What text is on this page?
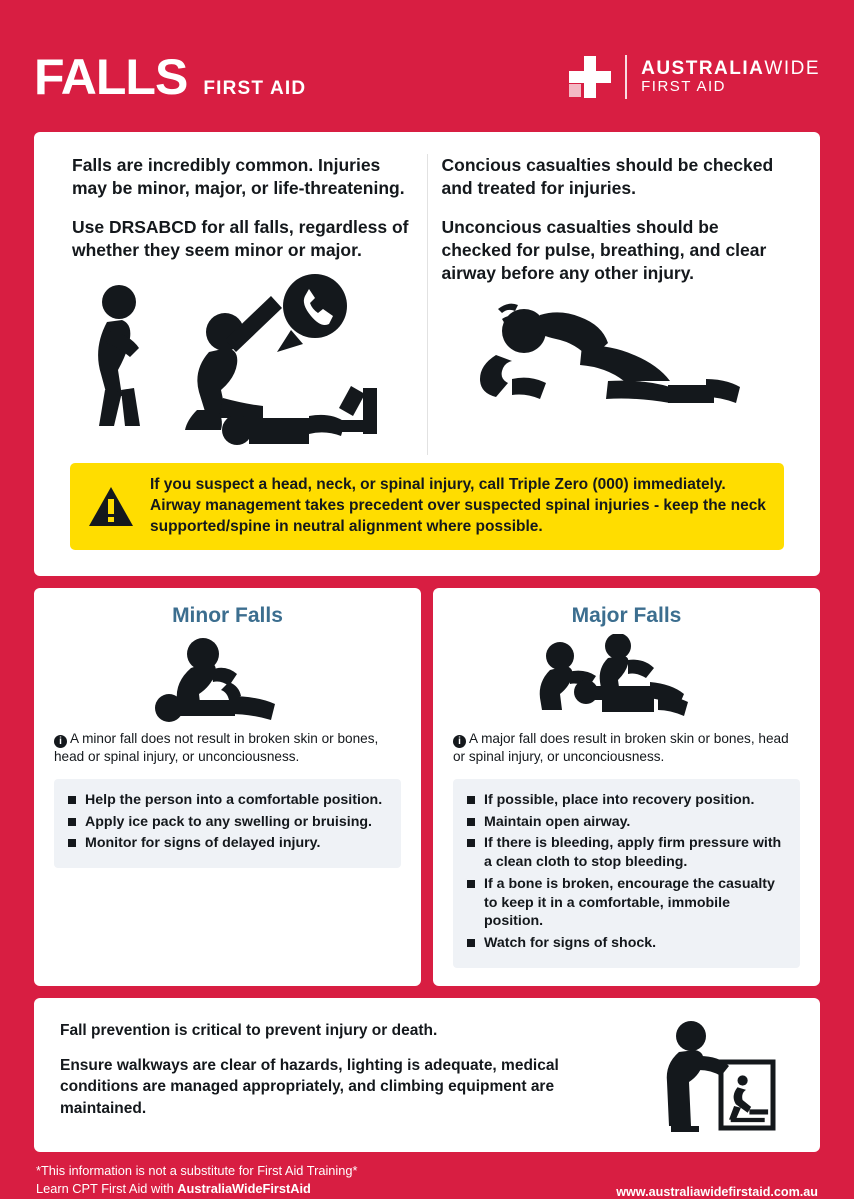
FALLS FIRST AID
AUSTRALIAWIDE
FIRST AID

Falls are incredibly common. Injuries may be minor, major, or life-threatening.

Use DRSABCD for all falls, regardless of whether they seem minor or major.

Concious casualties should be checked and treated for injuries.

Unconcious casualties should be checked for pulse, breathing, and clear airway before any other injury.

If you suspect a head, neck, or spinal injury, call Triple Zero (000) immediately. Airway management takes precedent over suspected spinal injuries - keep the neck supported/spine in neutral alignment where possible.
Minor Falls

i A minor fall does not result in broken skin or bones, head or spinal injury, or unconciousness.

Help the person into a comfortable position.
Apply ice pack to any swelling or bruising.
Monitor for signs of delayed injury.
Major Falls

i A major fall does result in broken skin or bones, head or spinal injury, or unconciousness.

If possible, place into recovery position.
Maintain open airway.
If there is bleeding, apply firm pressure with a clean cloth to stop bleeding.
If a bone is broken, encourage the casualty to keep it in a comfortable, immobile position.
Watch for signs of shock.

Fall prevention is critical to prevent injury or death.

Ensure walkways are clear of hazards, lighting is adequate, medical conditions are managed appropriately, and climbing equipment are maintained.

*This information is not a substitute for First Aid Training*
Learn CPT First Aid with AustraliaWideFirstAid	www.australiawidefirstaid.com.au
